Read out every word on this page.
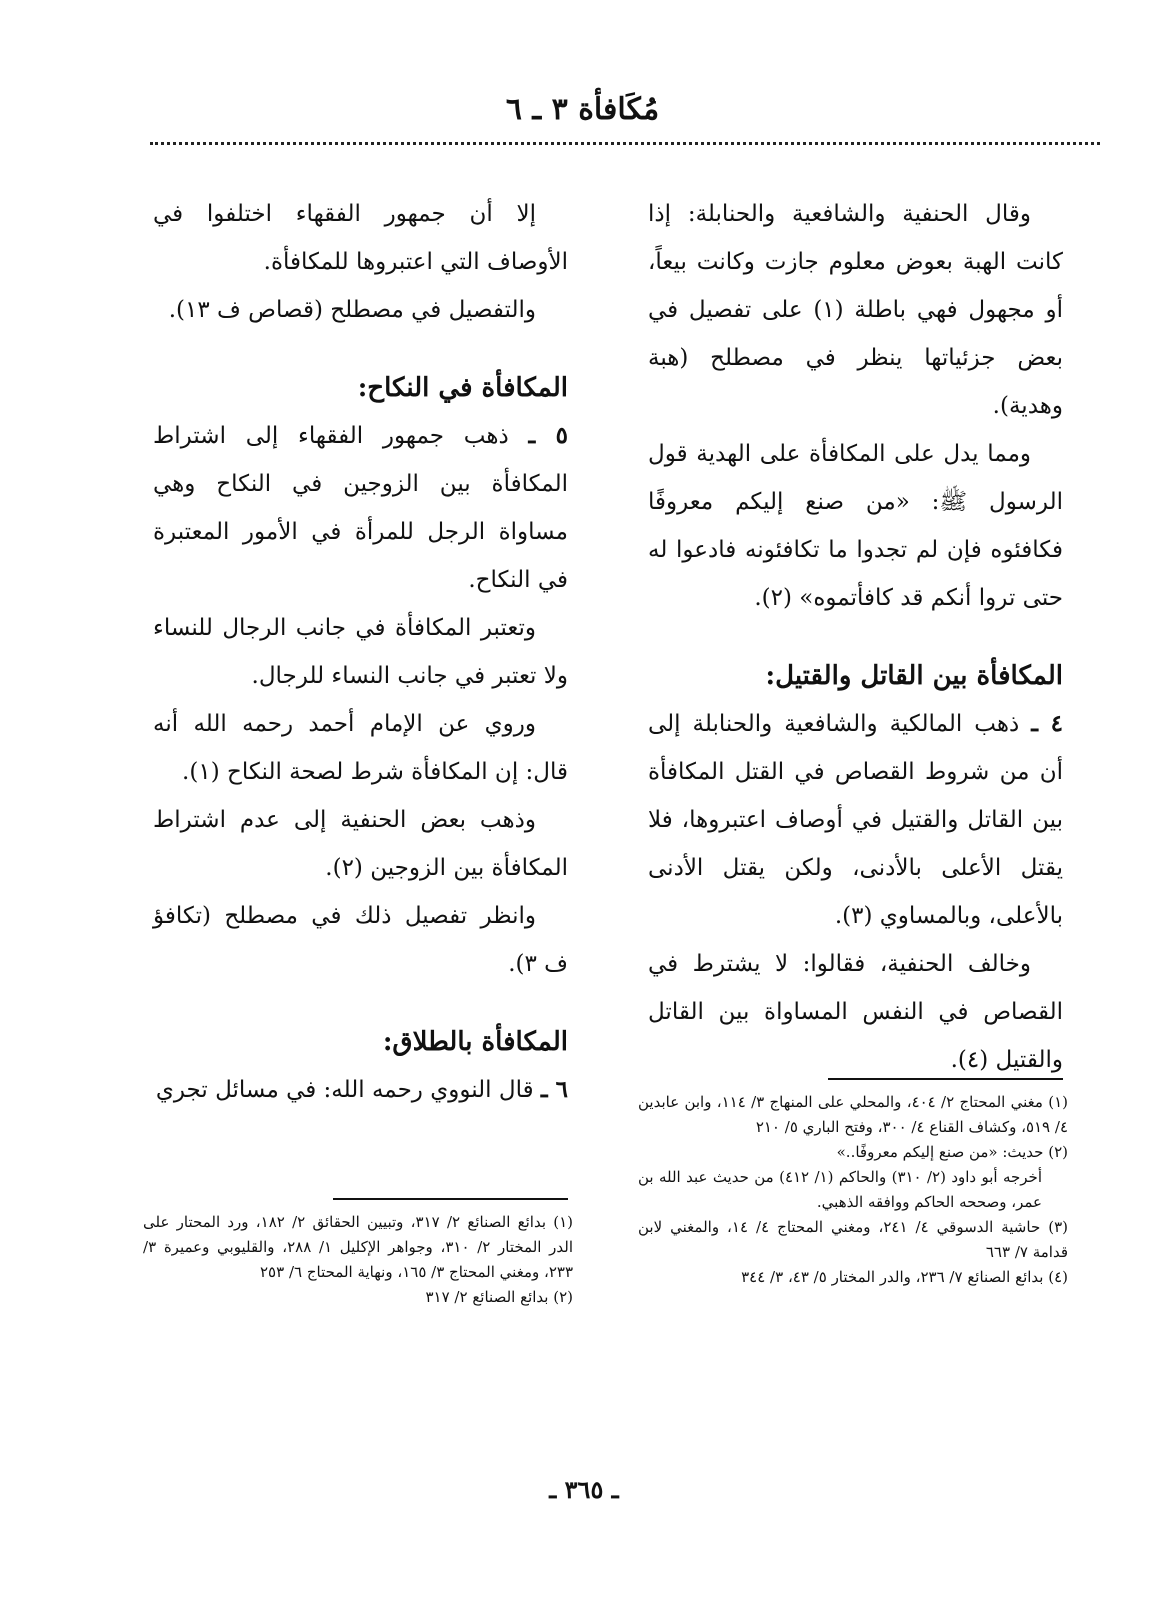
مُكَافأة ٣ ـ ٦

وقال الحنفية والشافعية والحنابلة: إذا كانت الهبة بعوض معلوم جازت وكانت بيعاً، أو مجهول فهي باطلة (١) على تفصيل في بعض جزئياتها ينظر في مصطلح (هبة وهدية).

ومما يدل على المكافأة على الهدية قول الرسول ﷺ: «من صنع إليكم معروفًا فكافئوه فإن لم تجدوا ما تكافئونه فادعوا له حتى تروا أنكم قد كافأتموه» (٢).

المكافأة بين القاتل والقتيل:

٤ ـ ذهب المالكية والشافعية والحنابلة إلى أن من شروط القصاص في القتل المكافأة بين القاتل والقتيل في أوصاف اعتبروها، فلا يقتل الأعلى بالأدنى، ولكن يقتل الأدنى بالأعلى، وبالمساوي (٣).

وخالف الحنفية، فقالوا: لا يشترط في القصاص في النفس المساواة بين القاتل والقتيل (٤).

إلا أن جمهور الفقهاء اختلفوا في الأوصاف التي اعتبروها للمكافأة.

والتفصيل في مصطلح (قصاص ف ١٣).

المكافأة في النكاح:

٥ ـ ذهب جمهور الفقهاء إلى اشتراط المكافأة بين الزوجين في النكاح وهي مساواة الرجل للمرأة في الأمور المعتبرة في النكاح.

وتعتبر المكافأة في جانب الرجال للنساء ولا تعتبر في جانب النساء للرجال.

وروي عن الإمام أحمد رحمه الله أنه قال: إن المكافأة شرط لصحة النكاح (١).

وذهب بعض الحنفية إلى عدم اشتراط المكافأة بين الزوجين (٢).

وانظر تفصيل ذلك في مصطلح (تكافؤ ف ٣).

المكافأة بالطلاق:

٦ ـ قال النووي رحمه الله: في مسائل تجري	(١) مغني المحتاج ٢/ ٤٠٤، والمحلي على المنهاج ٣/ ١١٤، وابن عابدين ٤/ ٥١٩، وكشاف القناع ٤/ ٣٠٠، وفتح الباري ٥/ ٢١٠

(٢) حديث: «من صنع إليكم معروفًا..»

أخرجه أبو داود (٢/ ٣١٠) والحاكم (١/ ٤١٢) من حديث عبد الله بن عمر، وصححه الحاكم ووافقه الذهبي.

(٣) حاشية الدسوقي ٤/ ٢٤١، ومغني المحتاج ٤/ ١٤، والمغني لابن قدامة ٧/ ٦٦٣

(٤) بدائع الصنائع ٧/ ٢٣٦، والدر المختار ٥/ ٤٣، ٣/ ٣٤٤

(١) بدائع الصنائع ٢/ ٣١٧، وتبيين الحقائق ٢/ ١٨٢، ورد المحتار على الدر المختار ٢/ ٣١٠، وجواهر الإكليل ١/ ٢٨٨، والقليوبي وعميرة ٣/ ٢٣٣، ومغني المحتاج ٣/ ١٦٥، ونهاية المحتاج ٦/ ٢٥٣

(٢) بدائع الصنائع ٢/ ٣١٧

ـ ٣٦٥ ـ
